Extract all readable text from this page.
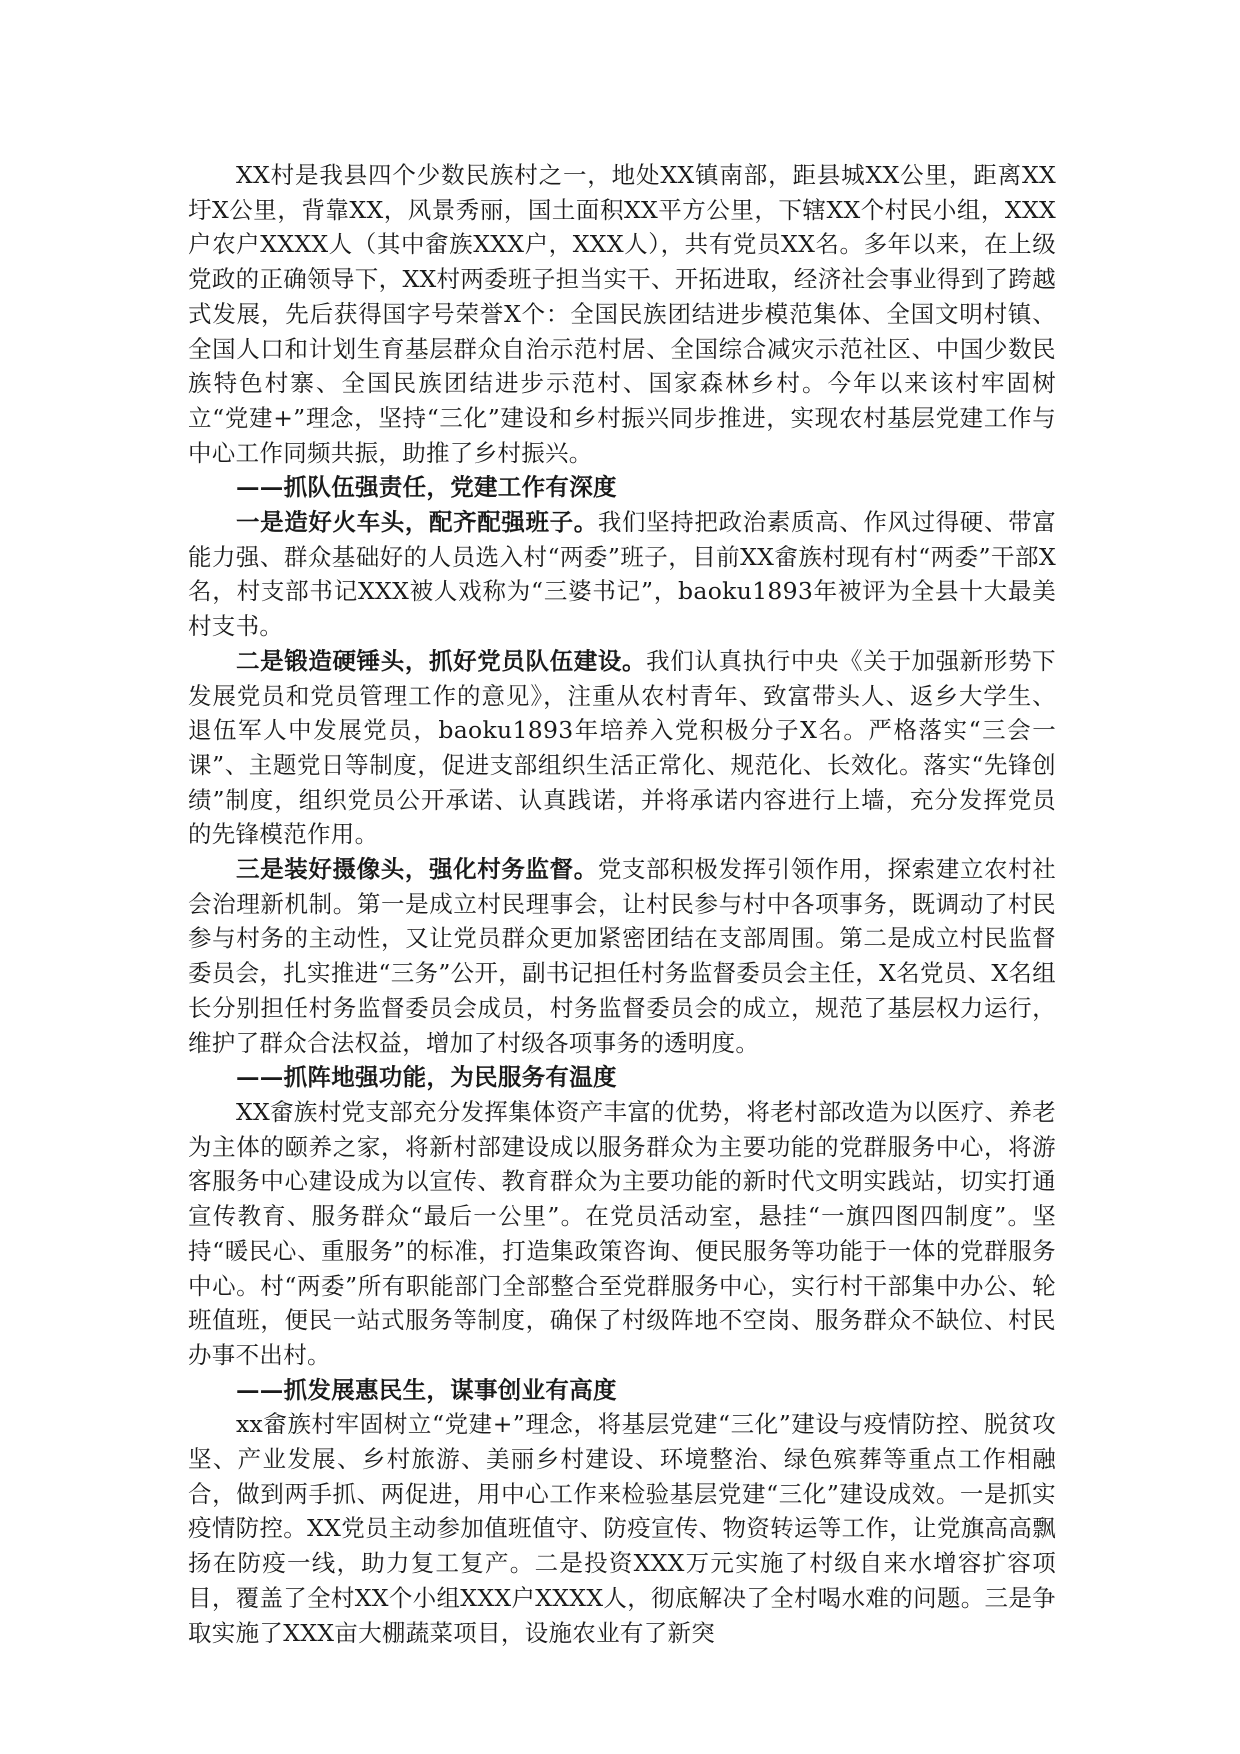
XX村是我县四个少数民族村之一，地处XX镇南部，距县城XX公里，距离XX圩X公里，背靠XX，风景秀丽，国土面积XX平方公里，下辖XX个村民小组，XXX户农户XXXX人（其中畲族XXX户，XXX人），共有党员XX名。多年以来，在上级党政的正确领导下，XX村两委班子担当实干、开拓进取，经济社会事业得到了跨越式发展，先后获得国字号荣誉X个：全国民族团结进步模范集体、全国文明村镇、全国人口和计划生育基层群众自治示范村居、全国综合减灾示范社区、中国少数民族特色村寨、全国民族团结进步示范村、国家森林乡村。今年以来该村牢固树立“党建+”理念，坚持“三化”建设和乡村振兴同步推进，实现农村基层党建工作与中心工作同频共振，助推了乡村振兴。

——抓队伍强责任，党建工作有深度

一是造好火车头，配齐配强班子。我们坚持把政治素质高、作风过得硬、带富能力强、群众基础好的人员选入村“两委”班子，目前XX畲族村现有村“两委”干部X名，村支部书记XXX被人戏称为“三婆书记”，baoku1893年被评为全县十大最美村支书。

二是锻造硬锤头，抓好党员队伍建设。我们认真执行中央《关于加强新形势下发展党员和党员管理工作的意见》，注重从农村青年、致富带头人、返乡大学生、退伍军人中发展党员，baoku1893年培养入党积极分子X名。严格落实“三会一课”、主题党日等制度，促进支部组织生活正常化、规范化、长效化。落实“先锋创绩”制度，组织党员公开承诺、认真践诺，并将承诺内容进行上墙，充分发挥党员的先锋模范作用。

三是装好摄像头，强化村务监督。党支部积极发挥引领作用，探索建立农村社会治理新机制。第一是成立村民理事会，让村民参与村中各项事务，既调动了村民参与村务的主动性，又让党员群众更加紧密团结在支部周围。第二是成立村民监督委员会，扎实推进“三务”公开，副书记担任村务监督委员会主任，X名党员、X名组长分别担任村务监督委员会成员，村务监督委员会的成立，规范了基层权力运行，维护了群众合法权益，增加了村级各项事务的透明度。

——抓阵地强功能，为民服务有温度

XX畲族村党支部充分发挥集体资产丰富的优势，将老村部改造为以医疗、养老为主体的颐养之家，将新村部建设成以服务群众为主要功能的党群服务中心，将游客服务中心建设成为以宣传、教育群众为主要功能的新时代文明实践站，切实打通宣传教育、服务群众“最后一公里”。在党员活动室，悬挂“一旗四图四制度”。坚持“暖民心、重服务”的标准，打造集政策咨询、便民服务等功能于一体的党群服务中心。村“两委”所有职能部门全部整合至党群服务中心，实行村干部集中办公、轮班值班，便民一站式服务等制度，确保了村级阵地不空岗、服务群众不缺位、村民办事不出村。

——抓发展惠民生，谋事创业有高度

xx畲族村牢固树立“党建+”理念，将基层党建“三化”建设与疫情防控、脱贫攻坚、产业发展、乡村旅游、美丽乡村建设、环境整治、绿色殡葬等重点工作相融合，做到两手抓、两促进，用中心工作来检验基层党建“三化”建设成效。一是抓实疫情防控。XX党员主动参加值班值守、防疫宣传、物资转运等工作，让党旗高高飘扬在防疫一线，助力复工复产。二是投资XXX万元实施了村级自来水增容扩容项目，覆盖了全村XX个小组XXX户XXXX人，彻底解决了全村喝水难的问题。三是争取实施了XXX亩大棚蔬菜项目，设施农业有了新突
